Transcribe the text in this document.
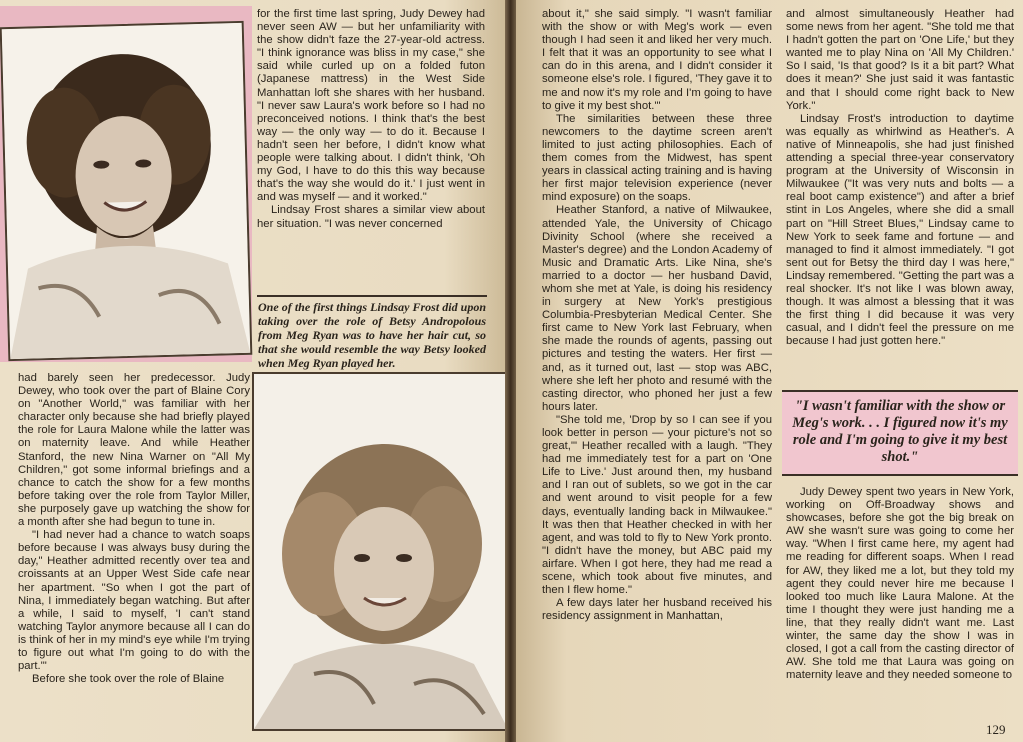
had barely seen her predecessor. Judy Dewey, who took over the part of Blaine Cory on "Another World," was familiar with her character only because she had briefly played the role for Laura Malone while the latter was on maternity leave. And while Heather Stanford, the new Nina Warner on "All My Children," got some informal briefings and a chance to catch the show for a few months before taking over the role from Taylor Miller, she purposely gave up watching the show for a month after she had begun to tune in.

"I had never had a chance to watch soaps before because I was always busy during the day," Heather admitted recently over tea and croissants at an Upper West Side cafe near her apartment. "So when I got the part of Nina, I immediately began watching. But after a while, I said to myself, 'I can't stand watching Taylor anymore because all I can do is think of her in my mind's eye while I'm trying to figure out what I'm going to do with the part.'"

Before she took over the role of Blaine

for the first time last spring, Judy Dewey had never seen AW — but her unfamiliarity with the show didn't faze the 27-year-old actress. "I think ignorance was bliss in my case," she said while curled up on a folded futon (Japanese mattress) in the West Side Manhattan loft she shares with her husband. "I never saw Laura's work before so I had no preconceived notions. I think that's the best way — the only way — to do it. Because I hadn't seen her before, I didn't know what people were talking about. I didn't think, 'Oh my God, I have to do this this way because that's the way she would do it.' I just went in and was myself — and it worked."

Lindsay Frost shares a similar view about her situation. "I was never concerned

One of the first things Lindsay Frost did upon taking over the role of Betsy Andropolous from Meg Ryan was to have her hair cut, so that she would resemble the way Betsy looked when Meg Ryan played her.

about it," she said simply. "I wasn't familiar with the show or with Meg's work — even though I had seen it and liked her very much. I felt that it was an opportunity to see what I can do in this arena, and I didn't consider it someone else's role. I figured, 'They gave it to me and now it's my role and I'm going to have to give it my best shot.'"

The similarities between these three newcomers to the daytime screen aren't limited to just acting philosophies. Each of them comes from the Midwest, has spent years in classical acting training and is having her first major television experience (never mind exposure) on the soaps.

Heather Stanford, a native of Milwaukee, attended Yale, the University of Chicago Divinity School (where she received a Master's degree) and the London Academy of Music and Dramatic Arts. Like Nina, she's married to a doctor — her husband David, whom she met at Yale, is doing his residency in surgery at New York's prestigious Columbia-Presbyterian Medical Center. She first came to New York last February, when she made the rounds of agents, passing out pictures and testing the waters. Her first — and, as it turned out, last — stop was ABC, where she left her photo and resumé with the casting director, who phoned her just a few hours later.

"She told me, 'Drop by so I can see if you look better in person — your picture's not so great,'" Heather recalled with a laugh. "They had me immediately test for a part on 'One Life to Live.' Just around then, my husband and I ran out of sublets, so we got in the car and went around to visit people for a few days, eventually landing back in Milwaukee." It was then that Heather checked in with her agent, and was told to fly to New York pronto. "I didn't have the money, but ABC paid my airfare. When I got here, they had me read a scene, which took about five minutes, and then I flew home."

A few days later her husband received his residency assignment in Manhattan,

and almost simultaneously Heather had some news from her agent. "She told me that I hadn't gotten the part on 'One Life,' but they wanted me to play Nina on 'All My Children.' So I said, 'Is that good? Is it a bit part? What does it mean?' She just said it was fantastic and that I should come right back to New York."

Lindsay Frost's introduction to daytime was equally as whirlwind as Heather's. A native of Minneapolis, she had just finished attending a special three-year conservatory program at the University of Wisconsin in Milwaukee ("It was very nuts and bolts — a real boot camp existence") and after a brief stint in Los Angeles, where she did a small part on "Hill Street Blues," Lindsay came to New York to seek fame and fortune — and managed to find it almost immediately. "I got sent out for Betsy the third day I was here," Lindsay remembered. "Getting the part was a real shocker. It's not like I was blown away, though. It was almost a blessing that it was the first thing I did because it was very casual, and I didn't feel the pressure on me because I had just gotten here."

"I wasn't familiar with the show or Meg's work. . . I figured now it's my role and I'm going to give it my best shot."

Judy Dewey spent two years in New York, working on Off-Broadway shows and showcases, before she got the big break on AW she wasn't sure was going to come her way. "When I first came here, my agent had me reading for different soaps. When I read for AW, they liked me a lot, but they told my agent they could never hire me because I looked too much like Laura Malone. At the time I thought they were just handing me a line, that they really didn't want me. Last winter, the same day the show I was in closed, I got a call from the casting director of AW. She told me that Laura was going on maternity leave and they needed someone to

129
